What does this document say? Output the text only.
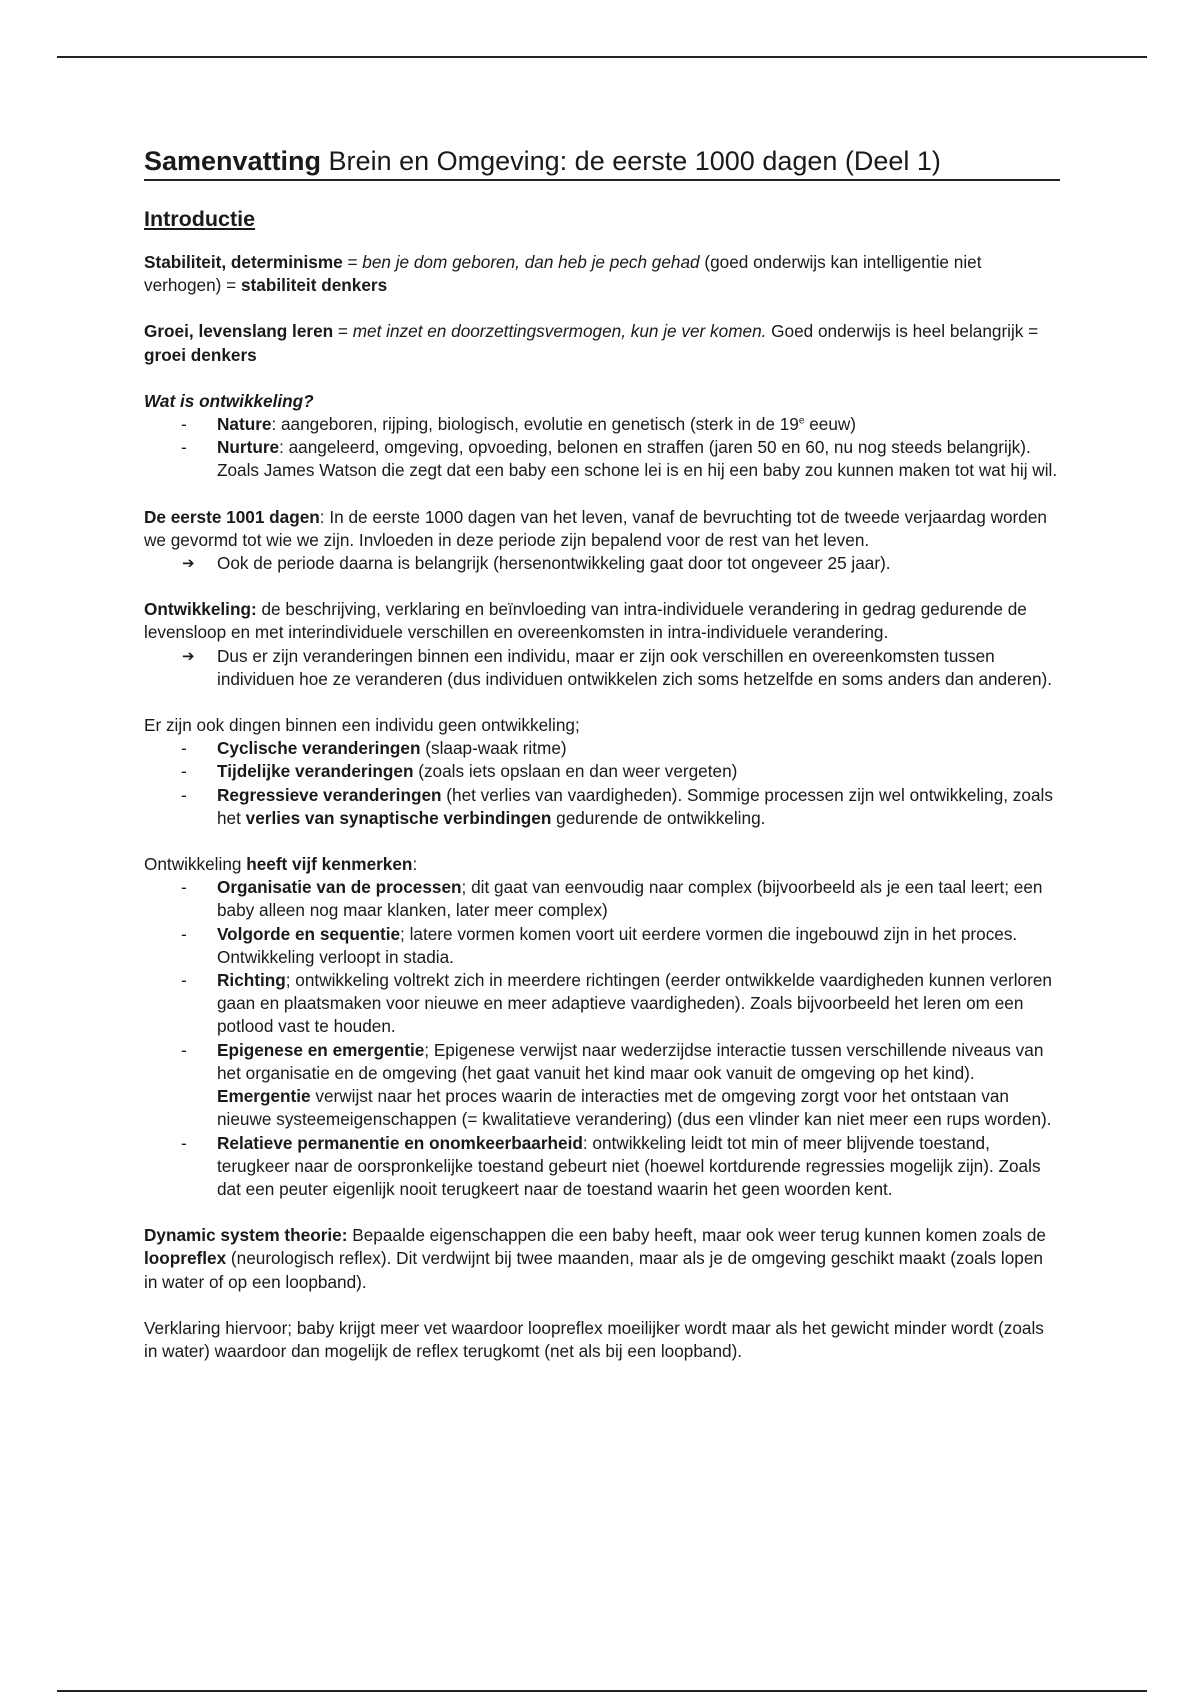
Samenvatting Brein en Omgeving: de eerste 1000 dagen (Deel 1)
Introductie

Stabiliteit, determinisme = ben je dom geboren, dan heb je pech gehad (goed onderwijs kan intelligentie niet verhogen) = stabiliteit denkers

Groei, levenslang leren = met inzet en doorzettingsvermogen, kun je ver komen. Goed onderwijs is heel belangrijk = groei denkers

Wat is ontwikkeling?

- Nature: aangeboren, rijping, biologisch, evolutie en genetisch (sterk in de 19e eeuw)
- Nurture: aangeleerd, omgeving, opvoeding, belonen en straffen (jaren 50 en 60, nu nog steeds belangrijk). Zoals James Watson die zegt dat een baby een schone lei is en hij een baby zou kunnen maken tot wat hij wil.

De eerste 1001 dagen: In de eerste 1000 dagen van het leven, vanaf de bevruchting tot de tweede verjaardag worden we gevormd tot wie we zijn. Invloeden in deze periode zijn bepalend voor de rest van het leven.

➔ Ook de periode daarna is belangrijk (hersenontwikkeling gaat door tot ongeveer 25 jaar).

Ontwikkeling: de beschrijving, verklaring en beïnvloeding van intra-individuele verandering in gedrag gedurende de levensloop en met interindividuele verschillen en overeenkomsten in intra-individuele verandering.

➔ Dus er zijn veranderingen binnen een individu, maar er zijn ook verschillen en overeenkomsten tussen individuen hoe ze veranderen (dus individuen ontwikkelen zich soms hetzelfde en soms anders dan anderen).

Er zijn ook dingen binnen een individu geen ontwikkeling;

- Cyclische veranderingen (slaap-waak ritme)
- Tijdelijke veranderingen (zoals iets opslaan en dan weer vergeten)
- Regressieve veranderingen (het verlies van vaardigheden). Sommige processen zijn wel ontwikkeling, zoals het verlies van synaptische verbindingen gedurende de ontwikkeling.

Ontwikkeling heeft vijf kenmerken:

- Organisatie van de processen; dit gaat van eenvoudig naar complex (bijvoorbeeld als je een taal leert; een baby alleen nog maar klanken, later meer complex)
- Volgorde en sequentie; latere vormen komen voort uit eerdere vormen die ingebouwd zijn in het proces. Ontwikkeling verloopt in stadia.
- Richting; ontwikkeling voltrekt zich in meerdere richtingen (eerder ontwikkelde vaardigheden kunnen verloren gaan en plaatsmaken voor nieuwe en meer adaptieve vaardigheden). Zoals bijvoorbeeld het leren om een potlood vast te houden.
- Epigenese en emergentie; Epigenese verwijst naar wederzijdse interactie tussen verschillende niveaus van het organisatie en de omgeving (het gaat vanuit het kind maar ook vanuit de omgeving op het kind). Emergentie verwijst naar het proces waarin de interacties met de omgeving zorgt voor het ontstaan van nieuwe systeemeigenschappen (= kwalitatieve verandering) (dus een vlinder kan niet meer een rups worden).
- Relatieve permanentie en onomkeerbaarheid: ontwikkeling leidt tot min of meer blijvende toestand, terugkeer naar de oorspronkelijke toestand gebeurt niet (hoewel kortdurende regressies mogelijk zijn). Zoals dat een peuter eigenlijk nooit terugkeert naar de toestand waarin het geen woorden kent.

Dynamic system theorie: Bepaalde eigenschappen die een baby heeft, maar ook weer terug kunnen komen zoals de loopreflex (neurologisch reflex). Dit verdwijnt bij twee maanden, maar als je de omgeving geschikt maakt (zoals lopen in water of op een loopband).

Verklaring hiervoor; baby krijgt meer vet waardoor loopreflex moeilijker wordt maar als het gewicht minder wordt (zoals in water) waardoor dan mogelijk de reflex terugkomt (net als bij een loopband).
